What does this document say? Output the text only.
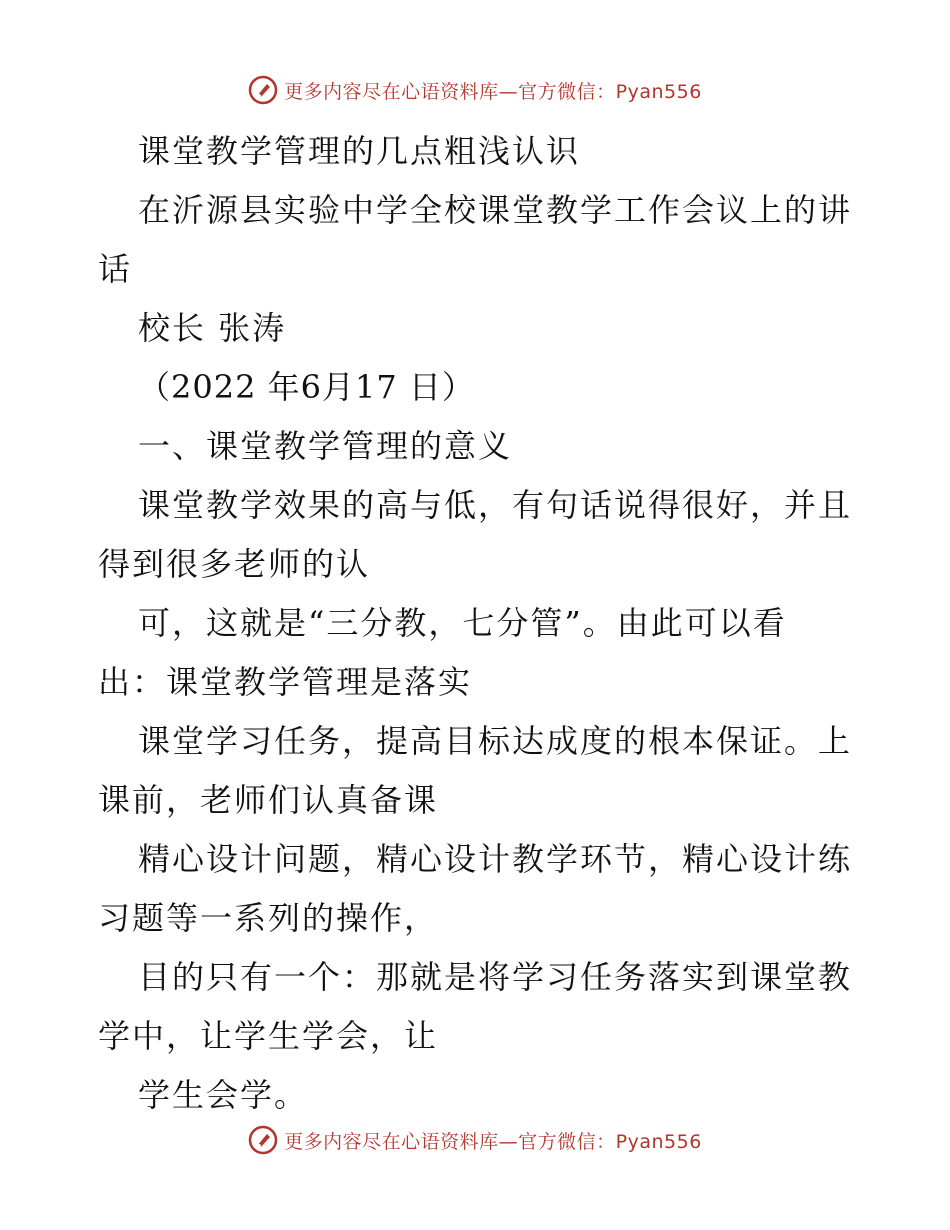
更多内容尽在心语资料库—官方微信：Pyan556
课堂教学管理的几点粗浅认识
在沂源县实验中学全校课堂教学工作会议上的讲
话
校长 张涛
（2022 年6月17 日）
一、课堂教学管理的意义
课堂教学效果的高与低，有句话说得很好，并且
得到很多老师的认
可，这就是“三分教，七分管”。由此可以看
出：课堂教学管理是落实
课堂学习任务，提高目标达成度的根本保证。上
课前，老师们认真备课
精心设计问题，精心设计教学环节，精心设计练
习题等一系列的操作，
目的只有一个：那就是将学习任务落实到课堂教
学中，让学生学会，让
学生会学。
更多内容尽在心语资料库—官方微信：Pyan556
